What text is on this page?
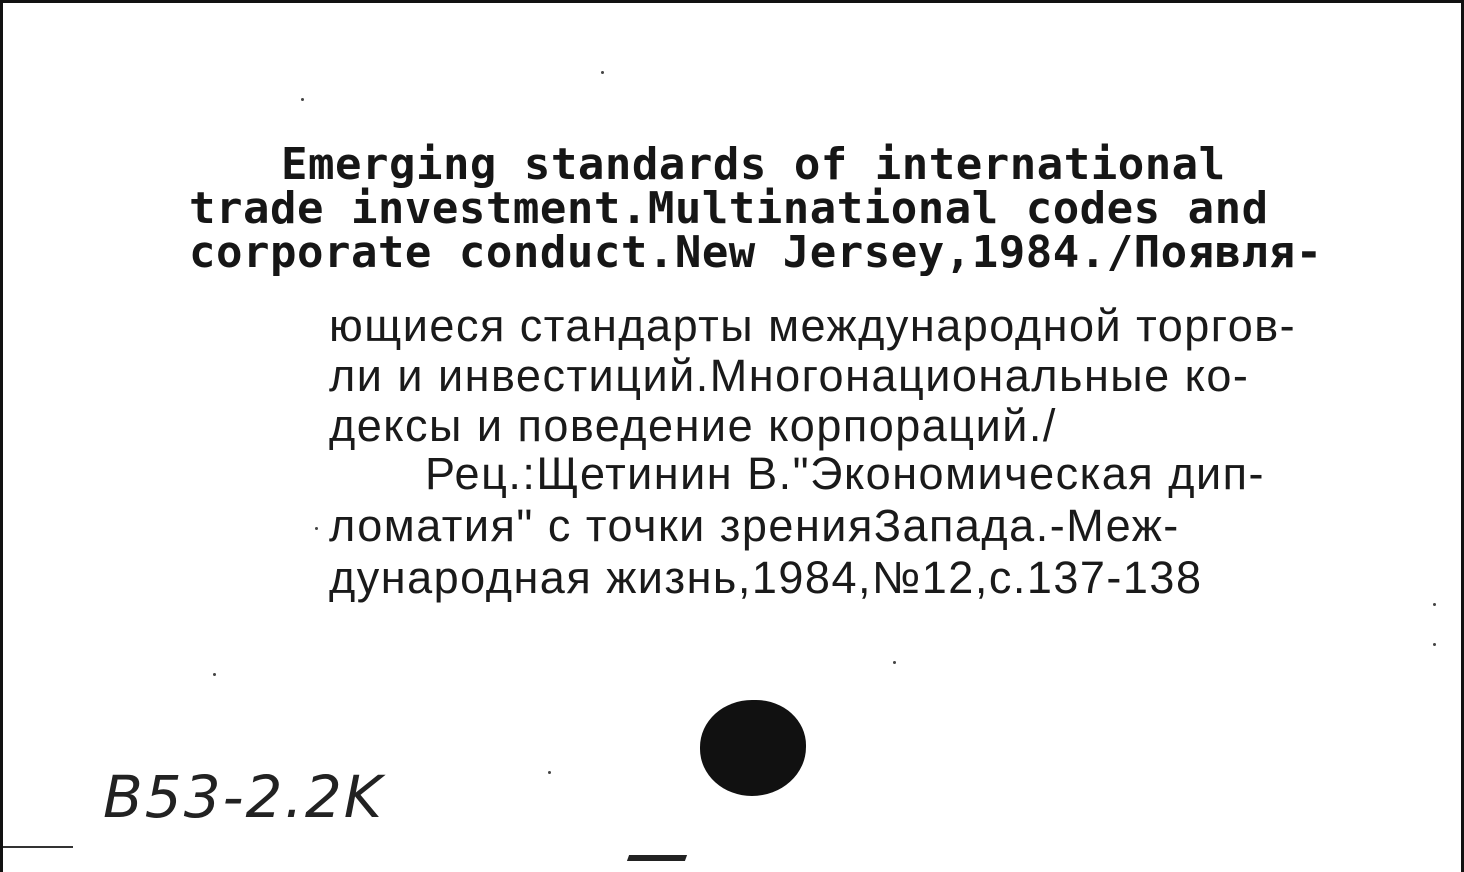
Emerging standards of international
trade investment.Multinational codes and
corporate conduct.New Jersey,1984./Появля-
ющиеся стандарты международной торгов-
ли и инвестиций.Многонациональные ко-
дексы и поведение корпораций./
Рец.:Щетинин В."Экономическая дип-
ломатия" с точки зренияЗапада.-Меж-
дународная жизнь,1984,№12,с.137-138
B53-2.2K
